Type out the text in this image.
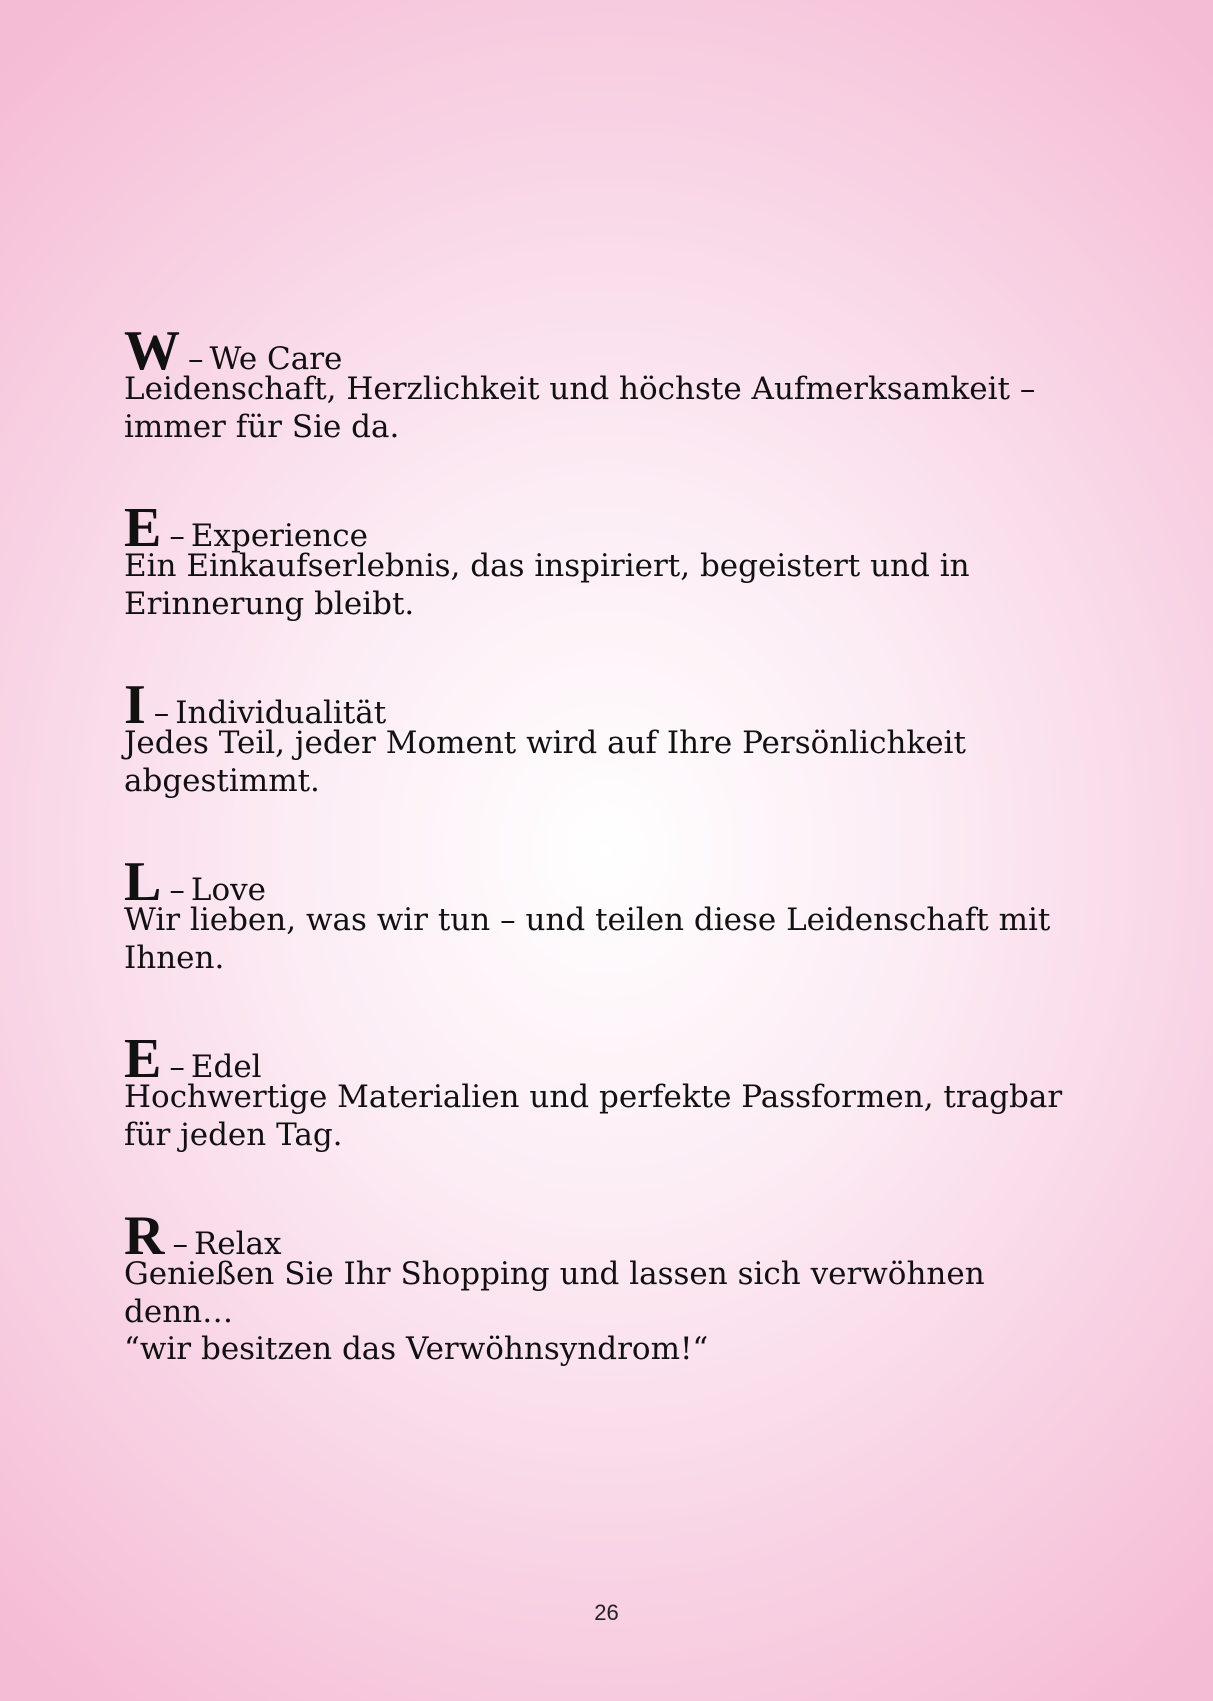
W – We Care
Leidenschaft, Herzlichkeit und höchste Aufmerksamkeit –
immer für Sie da.
E – Experience
Ein Einkaufserlebnis, das inspiriert, begeistert und in
Erinnerung bleibt.
I – Individualität
Jedes Teil, jeder Moment wird auf Ihre Persönlichkeit
abgestimmt.
L – Love
Wir lieben, was wir tun – und teilen diese Leidenschaft mit
Ihnen.
E – Edel
Hochwertige Materialien und perfekte Passformen, tragbar
für jeden Tag.
R – Relax
Genießen Sie Ihr Shopping und lassen sich verwöhnen
denn…
“wir besitzen das Verwöhnsyndrom!“
26
